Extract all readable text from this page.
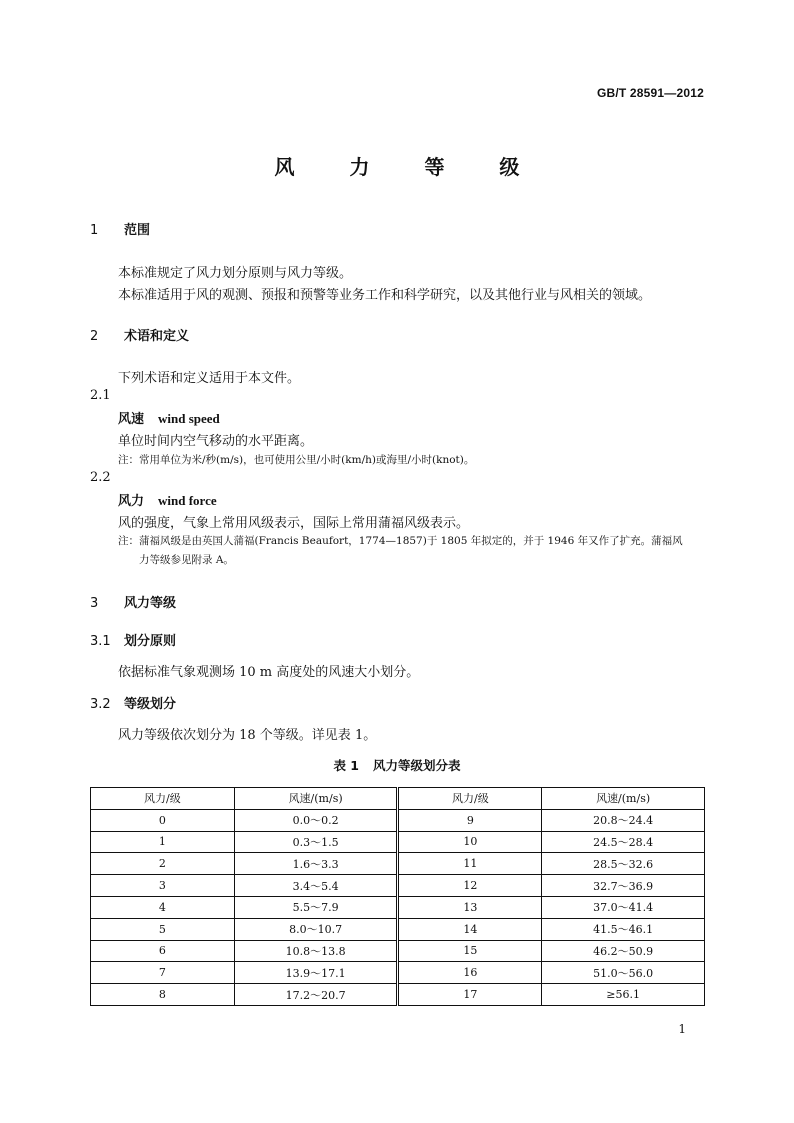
GB/T 28591—2012
风 力 等 级
1 范围
本标准规定了风力划分原则与风力等级。
本标准适用于风的观测、预报和预警等业务工作和科学研究，以及其他行业与风相关的领域。
2 术语和定义
下列术语和定义适用于本文件。
2.1
风速 wind speed
单位时间内空气移动的水平距离。
注：常用单位为米/秒(m/s)，也可使用公里/小时(km/h)或海里/小时(knot)。
2.2
风力 wind force
风的强度，气象上常用风级表示，国际上常用蒲福风级表示。
注：蒲福风级是由英国人蒲福(Francis Beaufort，1774—1857)于 1805 年拟定的，并于 1946 年又作了扩充。蒲福风
力等级参见附录 A。
3 风力等级
3.1 划分原则
依据标准气象观测场 10 m 高度处的风速大小划分。
3.2 等级划分
风力等级依次划分为 18 个等级。详见表 1。
表 1 风力等级划分表
风力/级	风速/(m/s)	风力/级	风速/(m/s)
0	0.0～0.2	9	20.8～24.4
1	0.3～1.5	10	24.5～28.4
2	1.6～3.3	11	28.5～32.6
3	3.4～5.4	12	32.7～36.9
4	5.5～7.9	13	37.0～41.4
5	8.0～10.7	14	41.5～46.1
6	10.8～13.8	15	46.2～50.9
7	13.9～17.1	16	51.0～56.0
8	17.2～20.7	17	≥56.1
1
